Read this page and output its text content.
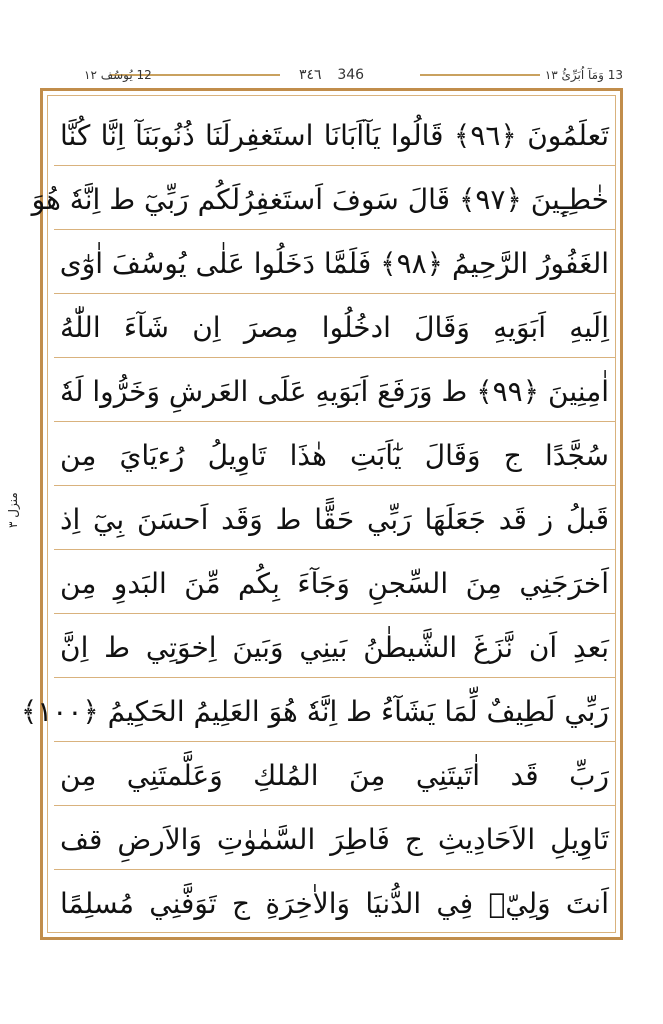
12 يُوسُف ١٢	٣٤٦ 346	13 وَمَآ اُبَرِّئُ ١٣
منزل ٣
تَعلَمُونَ ﴿٩٦﴾ قَالُوا يَآاَبَانَا استَغفِرلَنَا ذُنُوبَنَآ اِنَّا كُنَّا
خٰطِـِٕينَ ﴿٩٧﴾ قَالَ سَوفَ اَستَغفِرُلَكُم رَبِّيٓ ط اِنَّهٗ هُوَ
الغَفُورُ الرَّحِيمُ ﴿٩٨﴾ فَلَمَّا دَخَلُوا عَلٰى يُوسُفَ اٰوٰٓى
اِلَيهِ اَبَوَيهِ وَقَالَ ادخُلُوا مِصرَ اِن شَآءَ اللّٰهُ
اٰمِنِينَ ﴿٩٩﴾ ط وَرَفَعَ اَبَوَيهِ عَلَى العَرشِ وَخَرُّوا لَهٗ
سُجَّدًا ج وَقَالَ يٰٓاَبَتِ هٰذَا تَاوِيلُ رُءيَايَ مِن
قَبلُ ز قَد جَعَلَهَا رَبِّي حَقًّا ط وَقَد اَحسَنَ بِيٓ اِذ
اَخرَجَنِي مِنَ السِّجنِ وَجَآءَ بِكُم مِّنَ البَدوِ مِن
بَعدِ اَن نَّزَغَ الشَّيطٰنُ بَينِي وَبَينَ اِخوَتِي ط اِنَّ
رَبِّي لَطِيفٌ لِّمَا يَشَآءُ ط اِنَّهٗ هُوَ العَلِيمُ الحَكِيمُ ﴿١٠٠﴾
رَبِّ قَد اٰتَيتَنِي مِنَ المُلكِ وَعَلَّمتَنِي مِن
تَاوِيلِ الاَحَادِيثِ ج فَاطِرَ السَّمٰوٰتِ وَالاَرضِ قف
اَنتَ وَلِيّٖ فِي الدُّنيَا وَالاٰخِرَةِ ج تَوَفَّنِي مُسلِمًا
